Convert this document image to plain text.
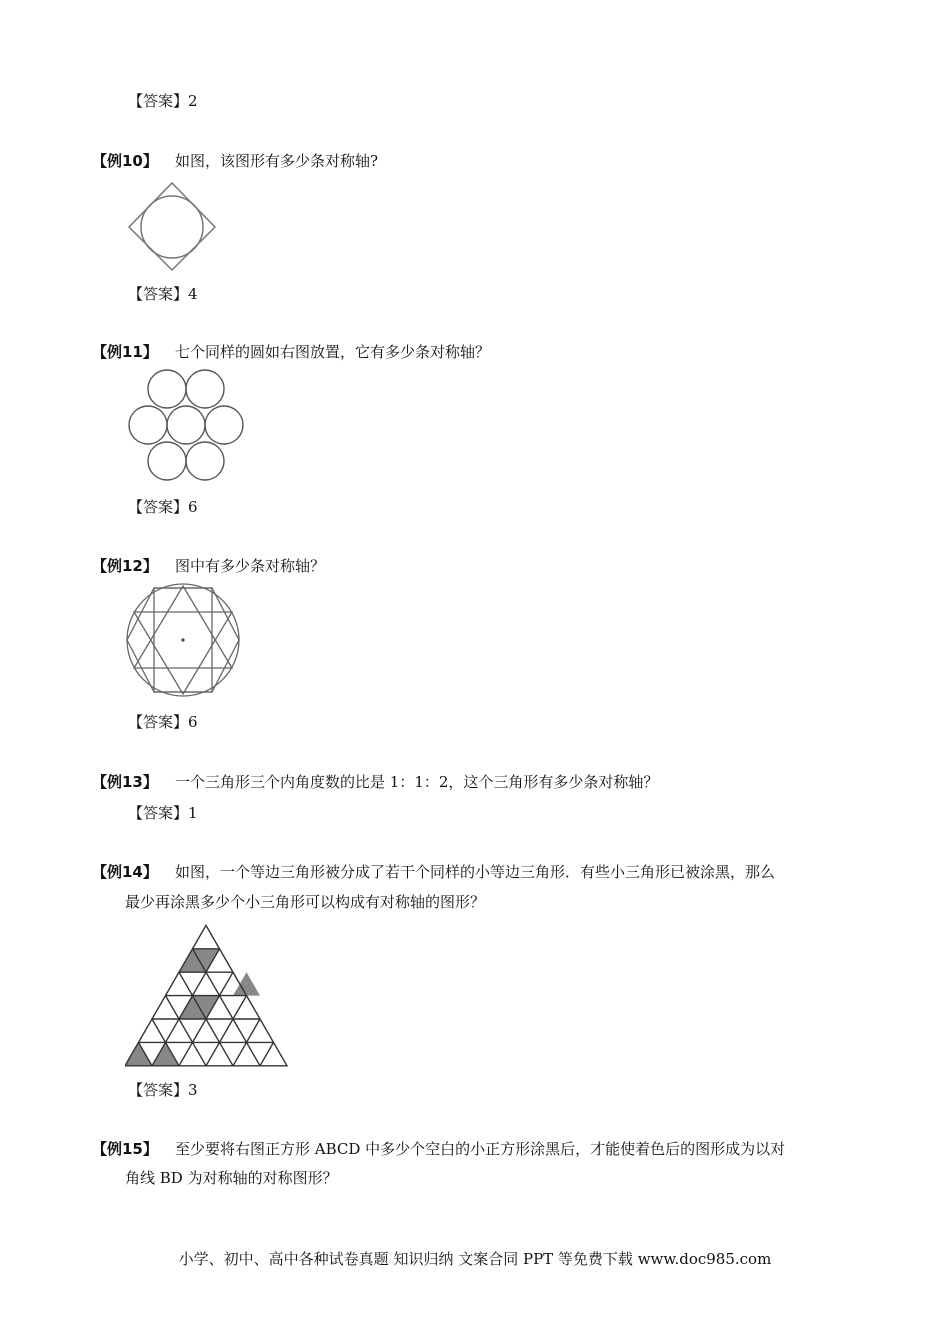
【答案】2
【例10】 如图，该图形有多少条对称轴?
【答案】4
【例11】 七个同样的圆如右图放置，它有多少条对称轴？
【答案】6
【例12】 图中有多少条对称轴？
【答案】6
【例13】 一个三角形三个内角度数的比是 1：1：2，这个三角形有多少条对称轴？
【答案】1
【例14】 如图，一个等边三角形被分成了若干个同样的小等边三角形．有些小三角形已被涂黑，那么
最少再涂黑多少个小三角形可以构成有对称轴的图形？
【答案】3
【例15】 至少要将右图正方形 ABCD 中多少个空白的小正方形涂黑后，才能使着色后的图形成为以对
角线 BD 为对称轴的对称图形？
小学、初中、高中各种试卷真题 知识归纳 文案合同 PPT 等免费下载 www.doc985.com
